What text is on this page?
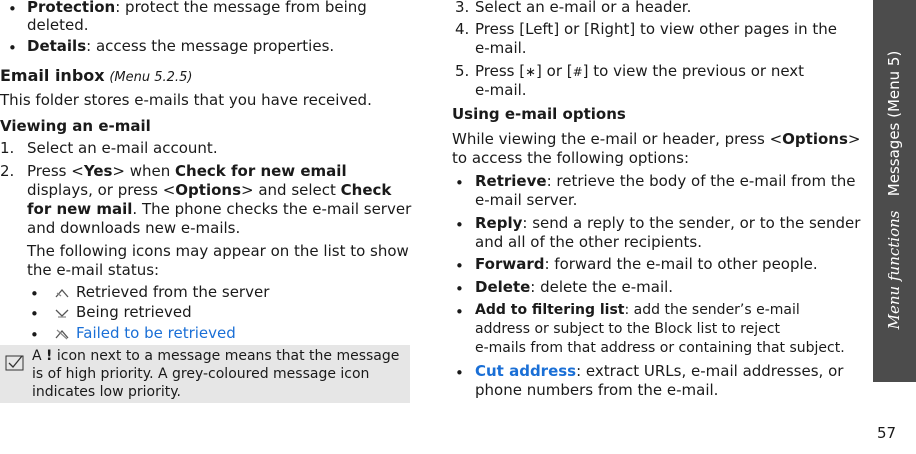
• Protection: protect the message from being
deleted.
• Details: access the message properties.
Email inbox (Menu 5.2.5)
This folder stores e-mails that you have received.
Viewing an e-mail
1. Select an e-mail account.
2. Press <Yes> when Check for new email
displays, or press <Options> and select Check
for new mail. The phone checks the e-mail server
and downloads new e-mails.
The following icons may appear on the list to show
the e-mail status:
• Retrieved from the server
• Being retrieved
• Failed to be retrieved
A ! icon next to a message means that the message
is of high priority. A grey-coloured message icon
indicates low priority.
3. Select an e-mail or a header.
4. Press [Left] or [Right] to view other pages in the
e-mail.
5. Press [∗] or [#] to view the previous or next
e-mail.
Using e-mail options
While viewing the e-mail or header, press <Options>
to access the following options:
• Retrieve: retrieve the body of the e-mail from the
e-mail server.
• Reply: send a reply to the sender, or to the sender
and all of the other recipients.
• Forward: forward the e-mail to other people.
• Delete: delete the e-mail.
• Add to filtering list: add the sender’s e-mail
address or subject to the Block list to reject
e-mails from that address or containing that subject.
• Cut address: extract URLs, e-mail addresses, or
phone numbers from the e-mail.
Menu functions   Messages (Menu 5)
57
